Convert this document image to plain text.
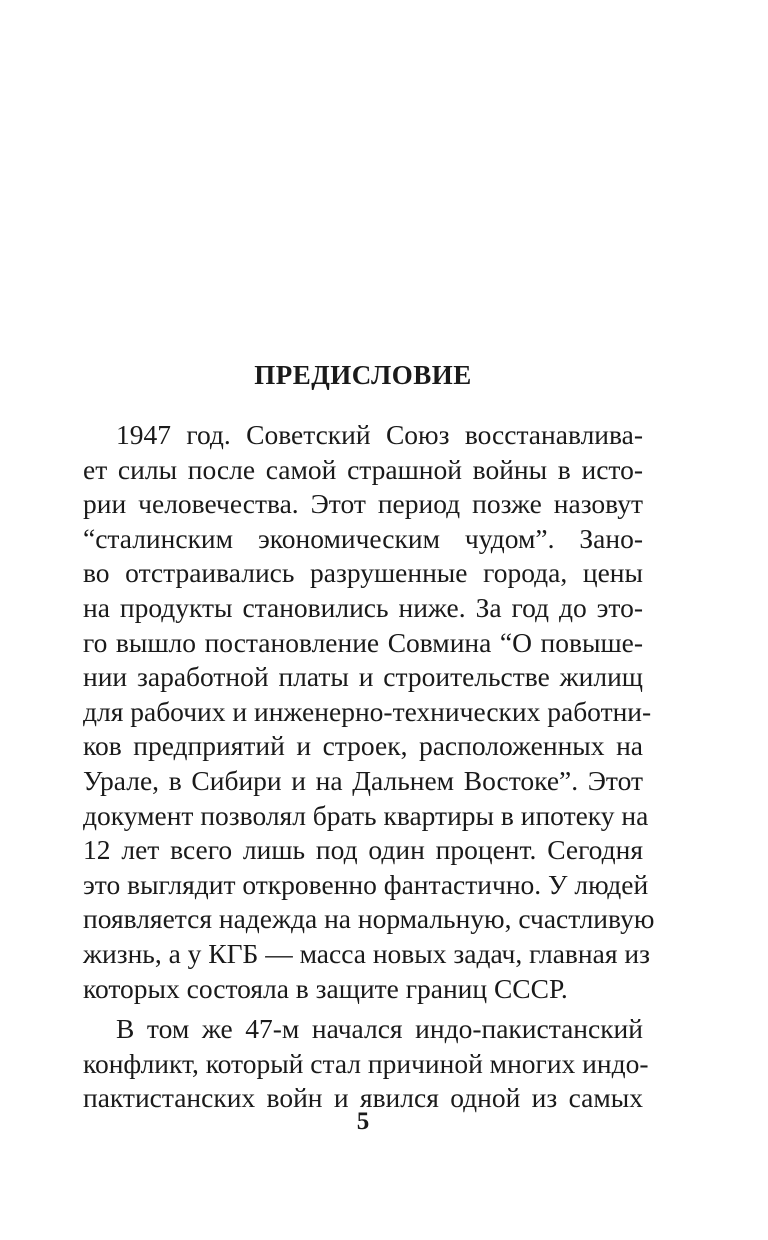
ПРЕДИСЛОВИЕ

1947 год. Советский Союз восстанавлива-
ет силы после самой страшной войны в исто-
рии человечества. Этот период позже назовут
“сталинским экономическим чудом”. Зано-
во отстраивались разрушенные города, цены
на продукты становились ниже. За год до это-
го вышло постановление Совмина “О повыше-
нии заработной платы и строительстве жилищ
для рабочих и инженерно-технических работни-
ков предприятий и строек, расположенных на
Урале, в Сибири и на Дальнем Востоке”. Этот
документ позволял брать квартиры в ипотеку на
12 лет всего лишь под один процент. Сегодня
это выглядит откровенно фантастично. У людей
появляется надежда на нормальную, счастливую
жизнь, а у КГБ — масса новых задач, главная из
которых состояла в защите границ СССР.

В том же 47-м начался индо-пакистанский
конфликт, который стал причиной многих индо-
пактистанских войн и явился одной из самых

5
